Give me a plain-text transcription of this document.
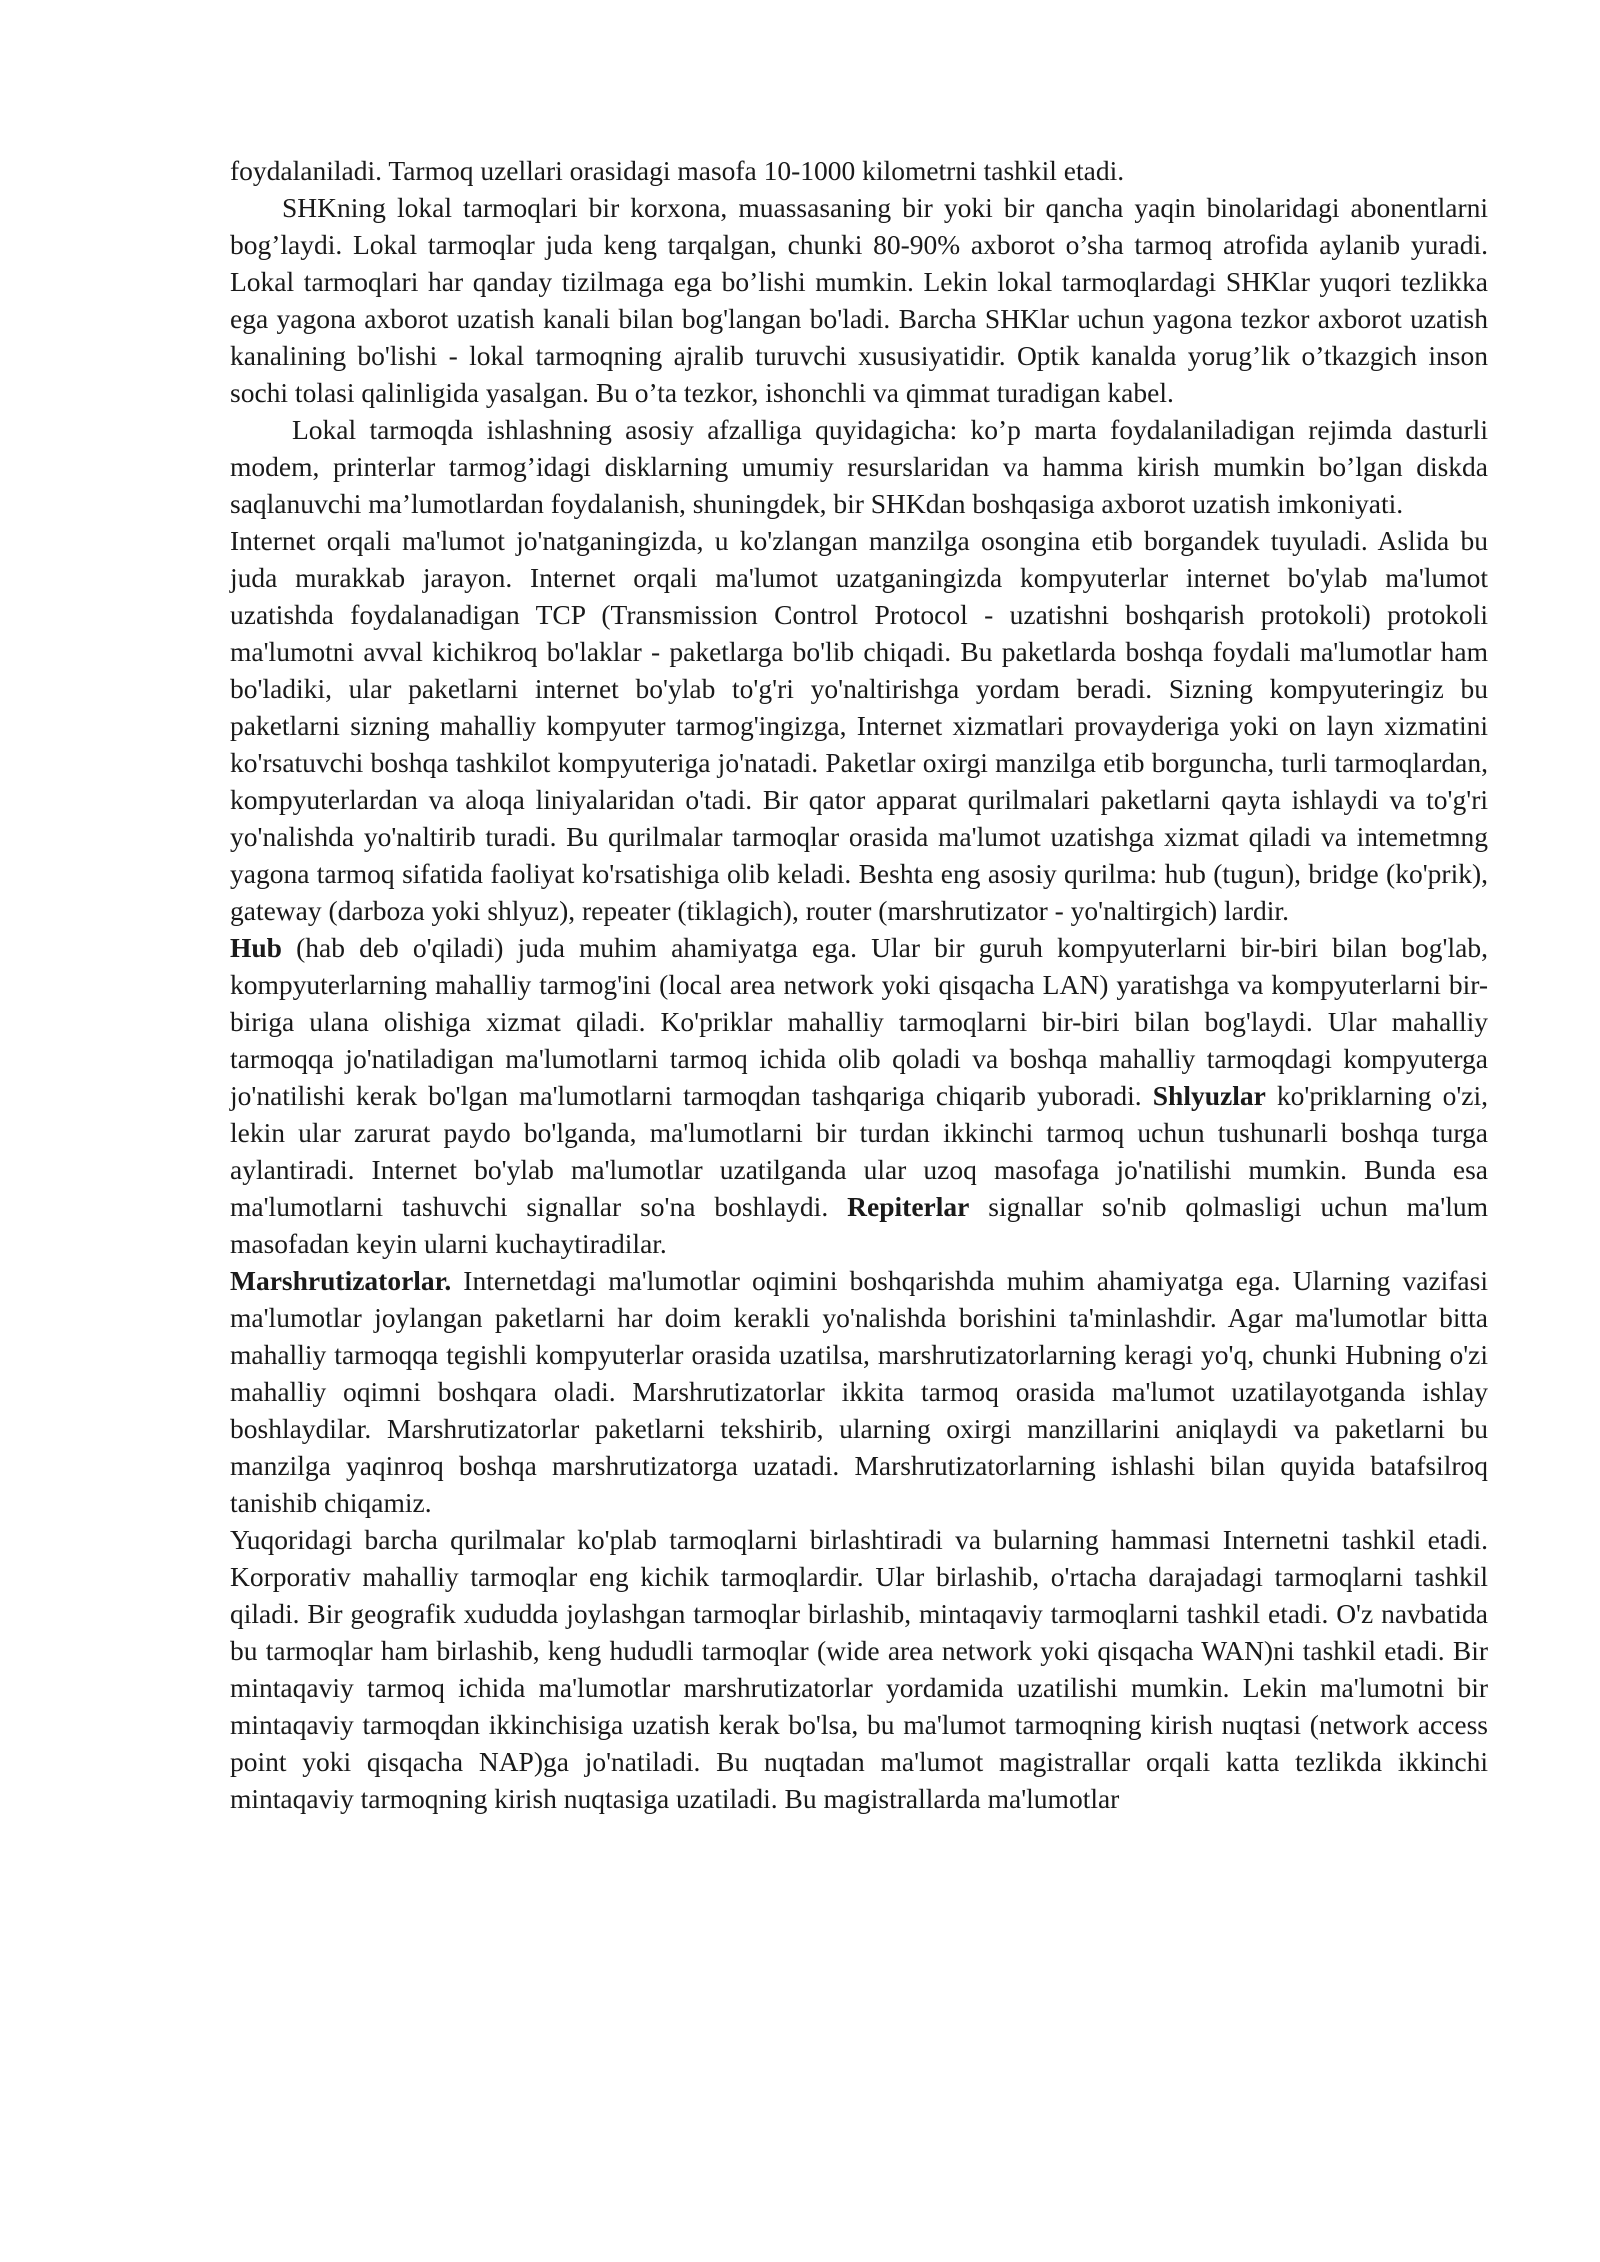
foydalaniladi. Tarmoq uzellari orasidagi masofa 10-1000 kilometrni tashkil etadi.

SHKning lokal tarmoqlari bir korxona, muassasaning bir yoki bir qancha yaqin binolaridagi abonentlarni bog’laydi. Lokal tarmoqlar juda keng tarqalgan, chunki 80-90% axborot o’sha tarmoq atrofida aylanib yuradi. Lokal tarmoqlari har qanday tizilmaga ega bo’lishi mumkin. Lekin lokal tarmoqlardagi SHKlar yuqori tezlikka ega yagona axborot uzatish kanali bilan bog'langan bo'ladi. Barcha SHKlar uchun yagona tezkor axborot uzatish kanalining bo'lishi - lokal tarmoqning ajralib turuvchi xususiyatidir. Optik kanalda yorug’lik o’tkazgich inson sochi tolasi qalinligida yasalgan. Bu o’ta tezkor, ishonchli va qimmat turadigan kabel.

Lokal tarmoqda ishlashning asosiy afzalliga quyidagicha: ko’p marta foydalaniladigan rejimda dasturli modem, printerlar tarmog’idagi disklarning umumiy resurslaridan va hamma kirish mumkin bo’lgan diskda saqlanuvchi ma’lumotlardan foydalanish, shuningdek, bir SHKdan boshqasiga axborot uzatish imkoniyati.

Internet orqali ma'lumot jo'natganingizda, u ko'zlangan manzilga osongina etib borgandek tuyuladi. Aslida bu juda murakkab jarayon. Internet orqali ma'lumot uzatganingizda kompyuterlar internet bo'ylab ma'lumot uzatishda foydalanadigan TCP (Transmission Control Protocol - uzatishni boshqarish protokoli) protokoli ma'lumotni avval kichikroq bo'laklar - paketlarga bo'lib chiqadi. Bu paketlarda boshqa foydali ma'lumotlar ham bo'ladiki, ular paketlarni internet bo'ylab to'g'ri yo'naltirishga yordam beradi. Sizning kompyuteringiz bu paketlarni sizning mahalliy kompyuter tarmog'ingizga, Internet xizmatlari provayderiga yoki on layn xizmatini ko'rsatuvchi boshqa tashkilot kompyuteriga jo'natadi. Paketlar oxirgi manzilga etib borguncha, turli tarmoqlardan, kompyuterlardan va aloqa liniyalaridan o'tadi. Bir qator apparat qurilmalari paketlarni qayta ishlaydi va to'g'ri yo'nalishda yo'naltirib turadi. Bu qurilmalar tarmoqlar orasida ma'lumot uzatishga xizmat qiladi va intemetmng yagona tarmoq sifatida faoliyat ko'rsatishiga olib keladi. Beshta eng asosiy qurilma: hub (tugun), bridge (ko'prik), gateway (darboza yoki shlyuz), repeater (tiklagich), router (marshrutizator - yo'naltirgich) lardir.

Hub (hab deb o'qiladi) juda muhim ahamiyatga ega. Ular bir guruh kompyuterlarni bir-biri bilan bog'lab, kompyuterlarning mahalliy tarmog'ini (local area network yoki qisqacha LAN) yaratishga va kompyuterlarni bir-biriga ulana olishiga xizmat qiladi. Ko'priklar mahalliy tarmoqlarni bir-biri bilan bog'laydi. Ular mahalliy tarmoqqa jo'natiladigan ma'lumotlarni tarmoq ichida olib qoladi va boshqa mahalliy tarmoqdagi kompyuterga jo'natilishi kerak bo'lgan ma'lumotlarni tarmoqdan tashqariga chiqarib yuboradi. Shlyuzlar ko'priklarning o'zi, lekin ular zarurat paydo bo'lganda, ma'lumotlarni bir turdan ikkinchi tarmoq uchun tushunarli boshqa turga aylantiradi. Internet bo'ylab ma'lumotlar uzatilganda ular uzoq masofaga jo'natilishi mumkin. Bunda esa ma'lumotlarni tashuvchi signallar so'na boshlaydi. Repiterlar signallar so'nib qolmasligi uchun ma'lum masofadan keyin ularni kuchaytiradilar.

Marshrutizatorlar. Internetdagi ma'lumotlar oqimini boshqarishda muhim ahamiyatga ega. Ularning vazifasi ma'lumotlar joylangan paketlarni har doim kerakli yo'nalishda borishini ta'minlashdir. Agar ma'lumotlar bitta mahalliy tarmoqqa tegishli kompyuterlar orasida uzatilsa, marshrutizatorlarning keragi yo'q, chunki Hubning o'zi mahalliy oqimni boshqara oladi. Marshrutizatorlar ikkita tarmoq orasida ma'lumot uzatilayotganda ishlay boshlaydilar. Marshrutizatorlar paketlarni tekshirib, ularning oxirgi manzillarini aniqlaydi va paketlarni bu manzilga yaqinroq boshqa marshrutizatorga uzatadi. Marshrutizatorlarning ishlashi bilan quyida batafsilroq tanishib chiqamiz.

Yuqoridagi barcha qurilmalar ko'plab tarmoqlarni birlashtiradi va bularning hammasi Internetni tashkil etadi. Korporativ mahalliy tarmoqlar eng kichik tarmoqlardir. Ular birlashib, o'rtacha darajadagi tarmoqlarni tashkil qiladi. Bir geografik xududda joylashgan tarmoqlar birlashib, mintaqaviy tarmoqlarni tashkil etadi. O'z navbatida bu tarmoqlar ham birlashib, keng hududli tarmoqlar (wide area network yoki qisqacha WAN)ni tashkil etadi. Bir mintaqaviy tarmoq ichida ma'lumotlar marshrutizatorlar yordamida uzatilishi mumkin. Lekin ma'lumotni bir mintaqaviy tarmoqdan ikkinchisiga uzatish kerak bo'lsa, bu ma'lumot tarmoqning kirish nuqtasi (network access point yoki qisqacha NAP)ga jo'natiladi. Bu nuqtadan ma'lumot magistrallar orqali katta tezlikda ikkinchi mintaqaviy tarmoqning kirish nuqtasiga uzatiladi. Bu magistrallarda ma'lumotlar
